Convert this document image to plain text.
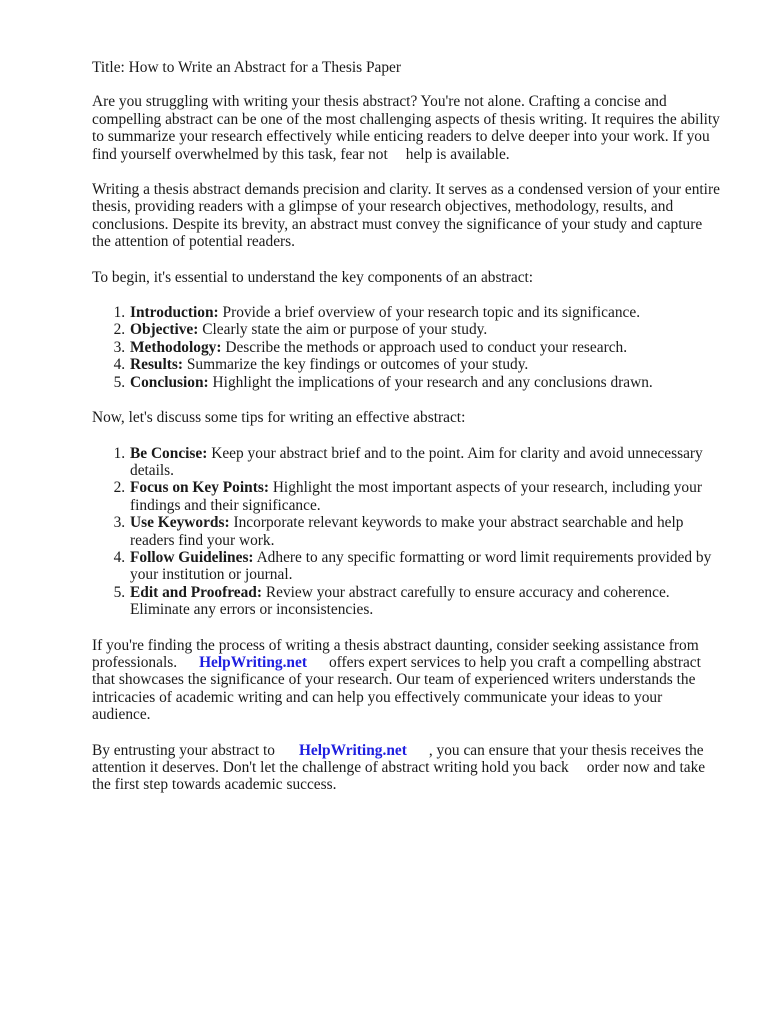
Title: How to Write an Abstract for a Thesis Paper

Are you struggling with writing your thesis abstract? You're not alone. Crafting a concise and compelling abstract can be one of the most challenging aspects of thesis writing. It requires the ability to summarize your research effectively while enticing readers to delve deeper into your work. If you find yourself overwhelmed by this task, fear not help is available.

Writing a thesis abstract demands precision and clarity. It serves as a condensed version of your entire thesis, providing readers with a glimpse of your research objectives, methodology, results, and conclusions. Despite its brevity, an abstract must convey the significance of your study and capture the attention of potential readers.

To begin, it's essential to understand the key components of an abstract:

1. Introduction: Provide a brief overview of your research topic and its significance.
2. Objective: Clearly state the aim or purpose of your study.
3. Methodology: Describe the methods or approach used to conduct your research.
4. Results: Summarize the key findings or outcomes of your study.
5. Conclusion: Highlight the implications of your research and any conclusions drawn.

Now, let's discuss some tips for writing an effective abstract:

1. Be Concise: Keep your abstract brief and to the point. Aim for clarity and avoid unnecessary details.
2. Focus on Key Points: Highlight the most important aspects of your research, including your findings and their significance.
3. Use Keywords: Incorporate relevant keywords to make your abstract searchable and help readers find your work.
4. Follow Guidelines: Adhere to any specific formatting or word limit requirements provided by your institution or journal.
5. Edit and Proofread: Review your abstract carefully to ensure accuracy and coherence. Eliminate any errors or inconsistencies.

If you're finding the process of writing a thesis abstract daunting, consider seeking assistance from professionals. HelpWriting.net offers expert services to help you craft a compelling abstract that showcases the significance of your research. Our team of experienced writers understands the intricacies of academic writing and can help you effectively communicate your ideas to your audience.

By entrusting your abstract to HelpWriting.net , you can ensure that your thesis receives the attention it deserves. Don't let the challenge of abstract writing hold you back order now and take the first step towards academic success.
